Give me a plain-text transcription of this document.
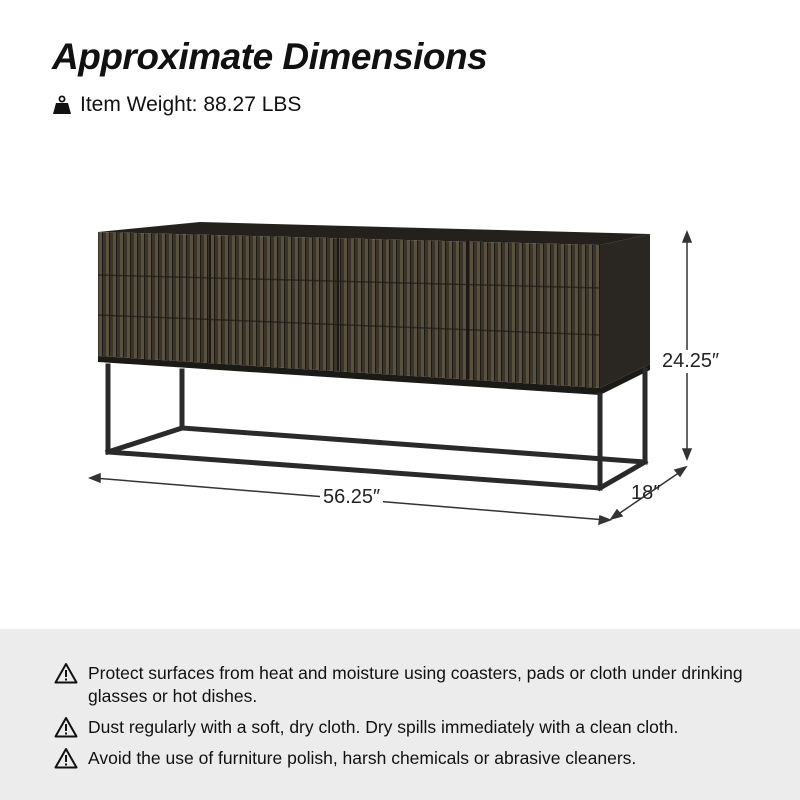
Approximate Dimensions
Item Weight: 88.27 LBS
24.25″
56.25″	18″
Protect surfaces from heat and moisture using coasters, pads or cloth under drinking glasses or hot dishes.
Dust regularly with a soft, dry cloth. Dry spills immediately with a clean cloth.
Avoid the use of furniture polish, harsh chemicals or abrasive cleaners.
